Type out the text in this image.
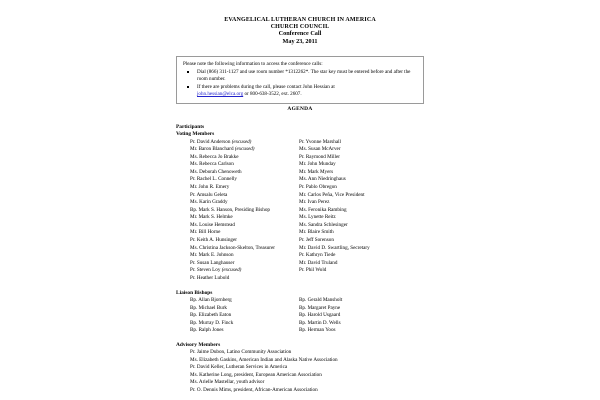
EVANGELICAL LUTHERAN CHURCH IN AMERICA
CHURCH COUNCIL
Conference Call
May 23, 2011

Please note the following information to access the conference calls:

Dial (866) 311-1127 and use room number *1312262*. The star key must be entered before and after the room number.
If there are problems during the call, please contact John Hessian at
john.hessian@elca.org or 800-638-3522, ext. 2607.
AGENDA
Participants
Voting Members
Pr. David Anderson (excused)
Mr. Baron Blanchard (excused)
Ms. Rebecca Jo Brakke
Ms. Rebecca Carlson
Ms. Deborah Chenoweth
Pr. Rachel L. Connelly
Mr. John R. Emery
Pr. Amsalu Geleta
Ms. Karin Graddy
Bp. Mark S. Hanson, Presiding Bishop
Mr. Mark S. Helmke
Ms. Louise Hemstead
Mr. Bill Horne
Pr. Keith A. Hunsinger
Ms. Christina Jackson-Skelton, Treasurer
Mr. Mark E. Johnson
Pr. Susan Langhauser
Pr. Steven Loy (excused)
Pr. Heather Lubold
Pr. Yvonne Marshall
Ms. Susan McArver
Pr. Raymond Miller
Mr. John Munday
Mr. Mark Myers
Ms. Ann Niedringhaus
Pr. Pablo Obregon
Mr. Carlos Peña, Vice President
Mr. Ivan Perez
Ms. Feronika Rambing
Ms. Lynette Reitz
Ms. Sandra Schlesinger
Mr. Blaire Smith
Pr. Jeff Sorenson
Mr. David D. Swartling, Secretary
Pr. Kathryn Tiede
Mr. David Truland
Pr. Phil Wold
Liaison Bishops
Bp. Allan Bjornberg
Bp. Michael Burk
Bp. Elizabeth Eaton
Bp. Murray D. Finck
Bp. Ralph Jones
Bp. Gerald Mansholt
Bp. Margaret Payne
Bp. Harold Usgaard
Bp. Martin D. Wells
Bp. Herman Yoos
Advisory Members
Pr. Jaime Dubon, Latino Community Association
Ms. Elizabeth Gaskins, American Indian and Alaska Native Association
Pr. David Keller, Lutheran Services in America
Ms. Katherine Long, president, European American Association
Ms. Arielle Mastellar, youth advisor
Pr. O. Dennis Mims, president, African-American Association
